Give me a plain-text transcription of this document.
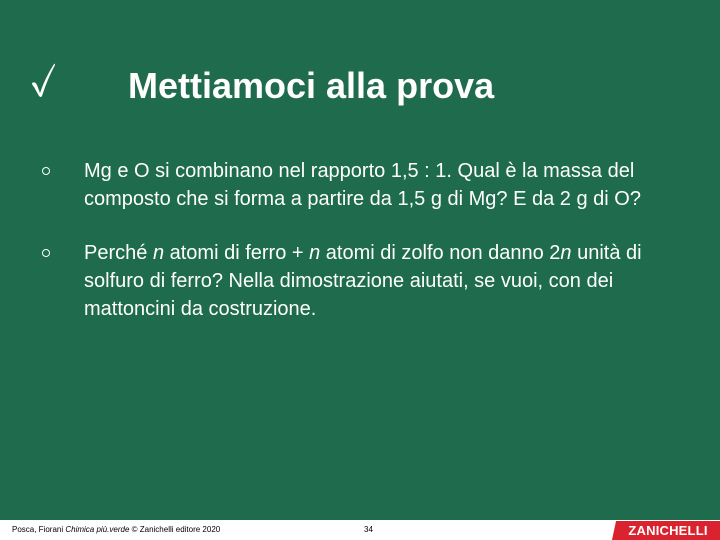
Mettiamoci alla prova
Mg e O si combinano nel rapporto 1,5 : 1. Qual è la massa del composto che si forma a partire da 1,5 g di Mg? E da 2 g di O?
Perché n atomi di ferro + n atomi di zolfo non danno 2n unità di solfuro di ferro? Nella dimostrazione aiutati, se vuoi, con dei mattoncini da costruzione.
Posca, Fiorani Chimica più.verde © Zanichelli editore 2020	34	ZANICHELLI
